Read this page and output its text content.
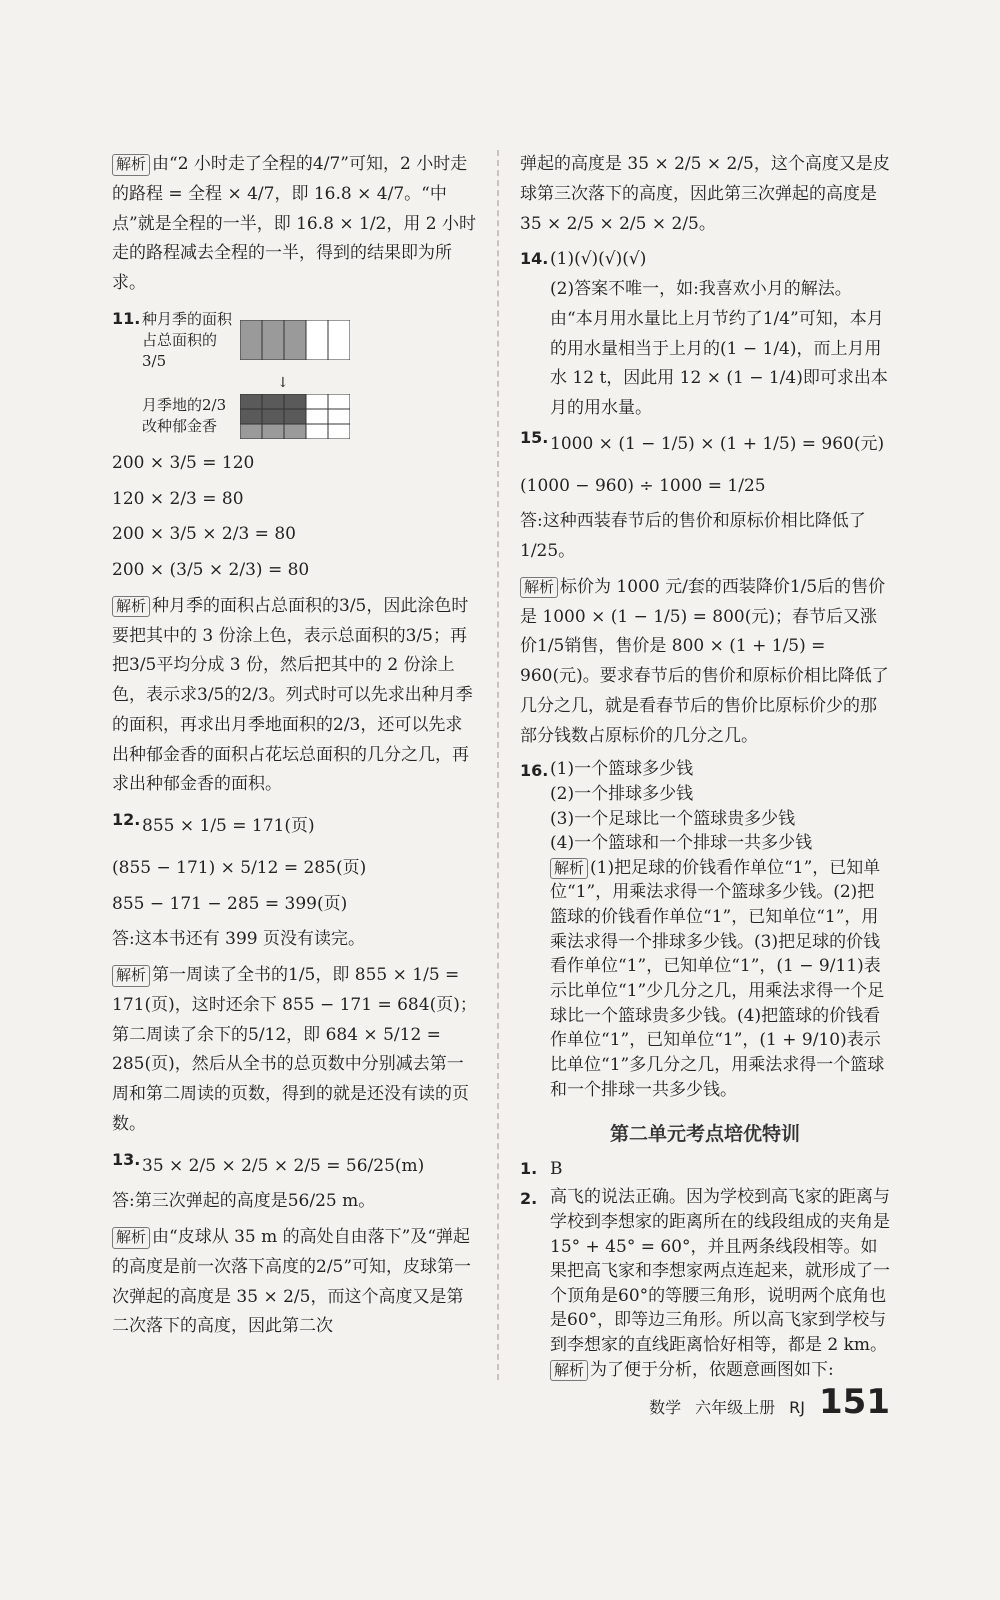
解析 由“2 小时走了全程的4/7”可知，2 小时走的路程 = 全程 × 4/7，即 16.8 × 4/7。“中点”就是全程的一半，即 16.8 × 1/2，用 2 小时走的路程减去全程的一半，得到的结果即为所求。

11. 种月季的面积占总面积的3/5
↓
月季地的2/3改种郁金香
200 × 3/5 = 120
120 × 2/3 = 80
200 × 3/5 × 2/3 = 80
200 × (3/5 × 2/3) = 80

解析 种月季的面积占总面积的3/5，因此涂色时要把其中的 3 份涂上色，表示总面积的3/5；再把3/5平均分成 3 份，然后把其中的 2 份涂上色，表示求3/5的2/3。列式时可以先求出种月季的面积，再求出月季地面积的2/3，还可以先求出种郁金香的面积占花坛总面积的几分之几，再求出种郁金香的面积。

12. 855 × 1/5 = 171(页)
(855 − 171) × 5/12 = 285(页)
855 − 171 − 285 = 399(页)
答:这本书还有 399 页没有读完。

解析 第一周读了全书的1/5，即 855 × 1/5 = 171(页)，这时还余下 855 − 171 = 684(页)；第二周读了余下的5/12，即 684 × 5/12 = 285(页)，然后从全书的总页数中分别减去第一周和第二周读的页数，得到的就是还没有读的页数。

13. 35 × 2/5 × 2/5 × 2/5 = 56/25(m)
答:第三次弹起的高度是56/25 m。

解析 由“皮球从 35 m 的高处自由落下”及“弹起的高度是前一次落下高度的2/5”可知，皮球第一次弹起的高度是 35 × 2/5，而这个高度又是第二次落下的高度，因此第二次

弹起的高度是 35 × 2/5 × 2/5，这个高度又是皮球第三次落下的高度，因此第三次弹起的高度是 35 × 2/5 × 2/5 × 2/5。

14. (1)(√)(√)(√)
(2)答案不唯一，如:我喜欢小月的解法。由“本月用水量比上月节约了1/4”可知，本月的用水量相当于上月的(1 − 1/4)，而上月用水 12 t，因此用 12 × (1 − 1/4)即可求出本月的用水量。
15. 1000 × (1 − 1/5) × (1 + 1/5) = 960(元)
(1000 − 960) ÷ 1000 = 1/25
答:这种西装春节后的售价和原标价相比降低了1/25。

解析 标价为 1000 元/套的西装降价1/5后的售价是 1000 × (1 − 1/5) = 800(元)；春节后又涨价1/5销售，售价是 800 × (1 + 1/5) = 960(元)。要求春节后的售价和原标价相比降低了几分之几，就是看春节后的售价比原标价少的那部分钱数占原标价的几分之几。

16. (1)一个篮球多少钱
(2)一个排球多少钱
(3)一个足球比一个篮球贵多少钱
(4)一个篮球和一个排球一共多少钱

解析 (1)把足球的价钱看作单位“1”，已知单位“1”，用乘法求得一个篮球多少钱。(2)把篮球的价钱看作单位“1”，已知单位“1”，用乘法求得一个排球多少钱。(3)把足球的价钱看作单位“1”，已知单位“1”，(1 − 9/11)表示比单位“1”少几分之几，用乘法求得一个足球比一个篮球贵多少钱。(4)把篮球的价钱看作单位“1”，已知单位“1”，(1 + 9/10)表示比单位“1”多几分之几，用乘法求得一个篮球和一个排球一共多少钱。

第二单元考点培优特训
1. B
2. 高飞的说法正确。因为学校到高飞家的距离与学校到李想家的距离所在的线段组成的夹角是15° + 45° = 60°，并且两条线段相等。如果把高飞家和李想家两点连起来，就形成了一个顶角是60°的等腰三角形，说明两个底角也是60°，即等边三角形。所以高飞家到学校与到李想家的直线距离恰好相等，都是 2 km。
解析 为了便于分析，依题意画图如下:
数学 六年级上册 RJ 151
